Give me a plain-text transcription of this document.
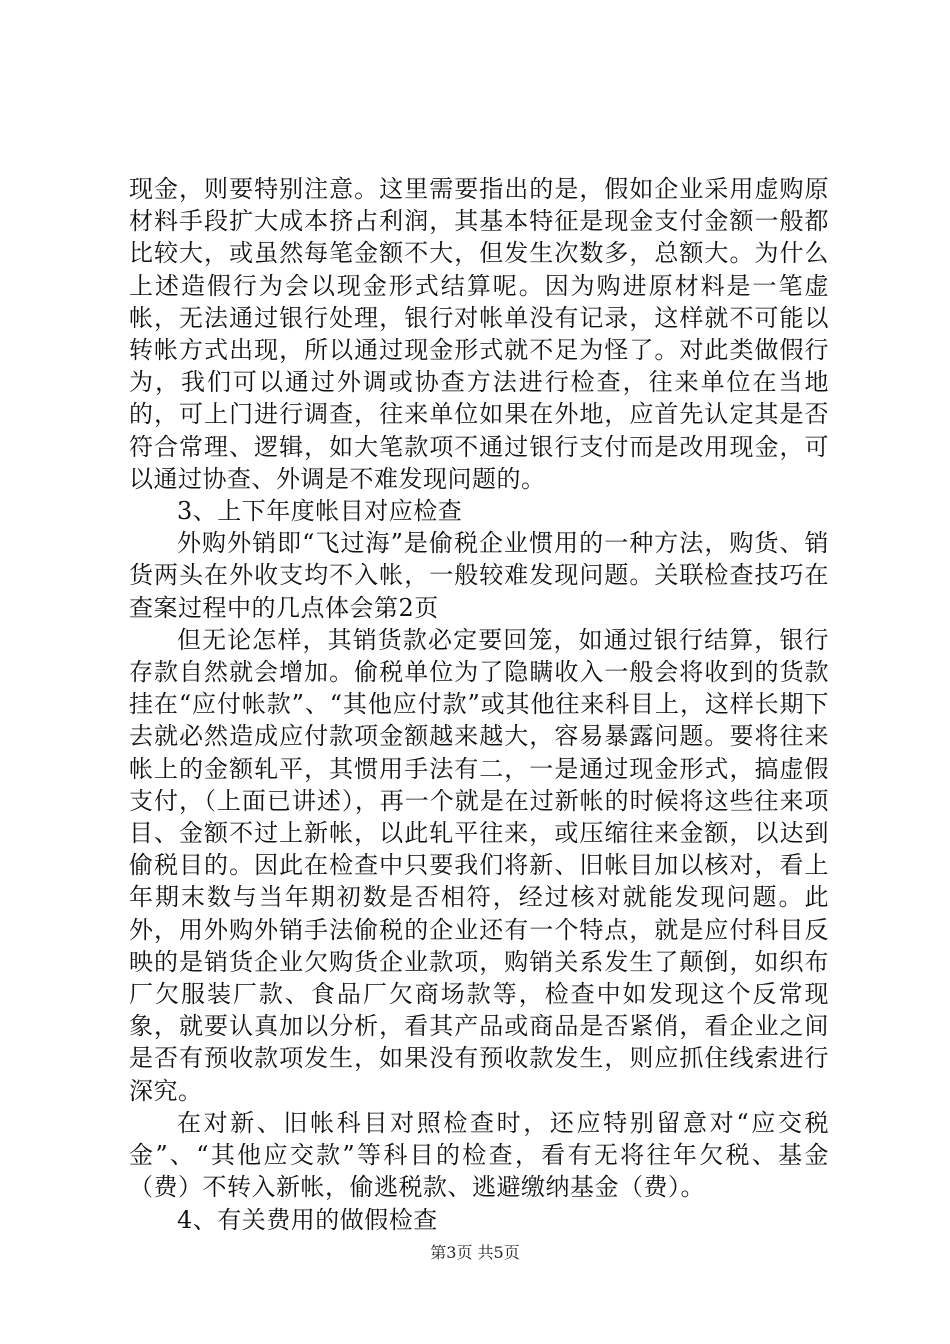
现金，则要特别注意。这里需要指出的是，假如企业采用虚购原材料手段扩大成本挤占利润，其基本特征是现金支付金额一般都比较大，或虽然每笔金额不大，但发生次数多，总额大。为什么上述造假行为会以现金形式结算呢。因为购进原材料是一笔虚帐，无法通过银行处理，银行对帐单没有记录，这样就不可能以转帐方式出现，所以通过现金形式就不足为怪了。对此类做假行为，我们可以通过外调或协查方法进行检查，往来单位在当地的，可上门进行调查，往来单位如果在外地，应首先认定其是否符合常理、逻辑，如大笔款项不通过银行支付而是改用现金，可以通过协查、外调是不难发现问题的。

3、上下年度帐目对应检查

外购外销即“飞过海”是偷税企业惯用的一种方法，购货、销货两头在外收支均不入帐，一般较难发现问题。关联检查技巧在查案过程中的几点体会第2页

但无论怎样，其销货款必定要回笼，如通过银行结算，银行存款自然就会增加。偷税单位为了隐瞒收入一般会将收到的货款挂在“应付帐款”、“其他应付款”或其他往来科目上，这样长期下去就必然造成应付款项金额越来越大，容易暴露问题。要将往来帐上的金额轧平，其惯用手法有二，一是通过现金形式，搞虚假支付，（上面已讲述），再一个就是在过新帐的时候将这些往来项目、金额不过上新帐，以此轧平往来，或压缩往来金额，以达到偷税目的。因此在检查中只要我们将新、旧帐目加以核对，看上年期末数与当年期初数是否相符，经过核对就能发现问题。此外，用外购外销手法偷税的企业还有一个特点，就是应付科目反映的是销货企业欠购货企业款项，购销关系发生了颠倒，如织布厂欠服装厂款、食品厂欠商场款等，检查中如发现这个反常现象，就要认真加以分析，看其产品或商品是否紧俏，看企业之间是否有预收款项发生，如果没有预收款发生，则应抓住线索进行深究。

在对新、旧帐科目对照检查时，还应特别留意对“应交税金”、“其他应交款”等科目的检查，看有无将往年欠税、基金（费）不转入新帐，偷逃税款、逃避缴纳基金（费）。

4、有关费用的做假检查

第3页 共5页
